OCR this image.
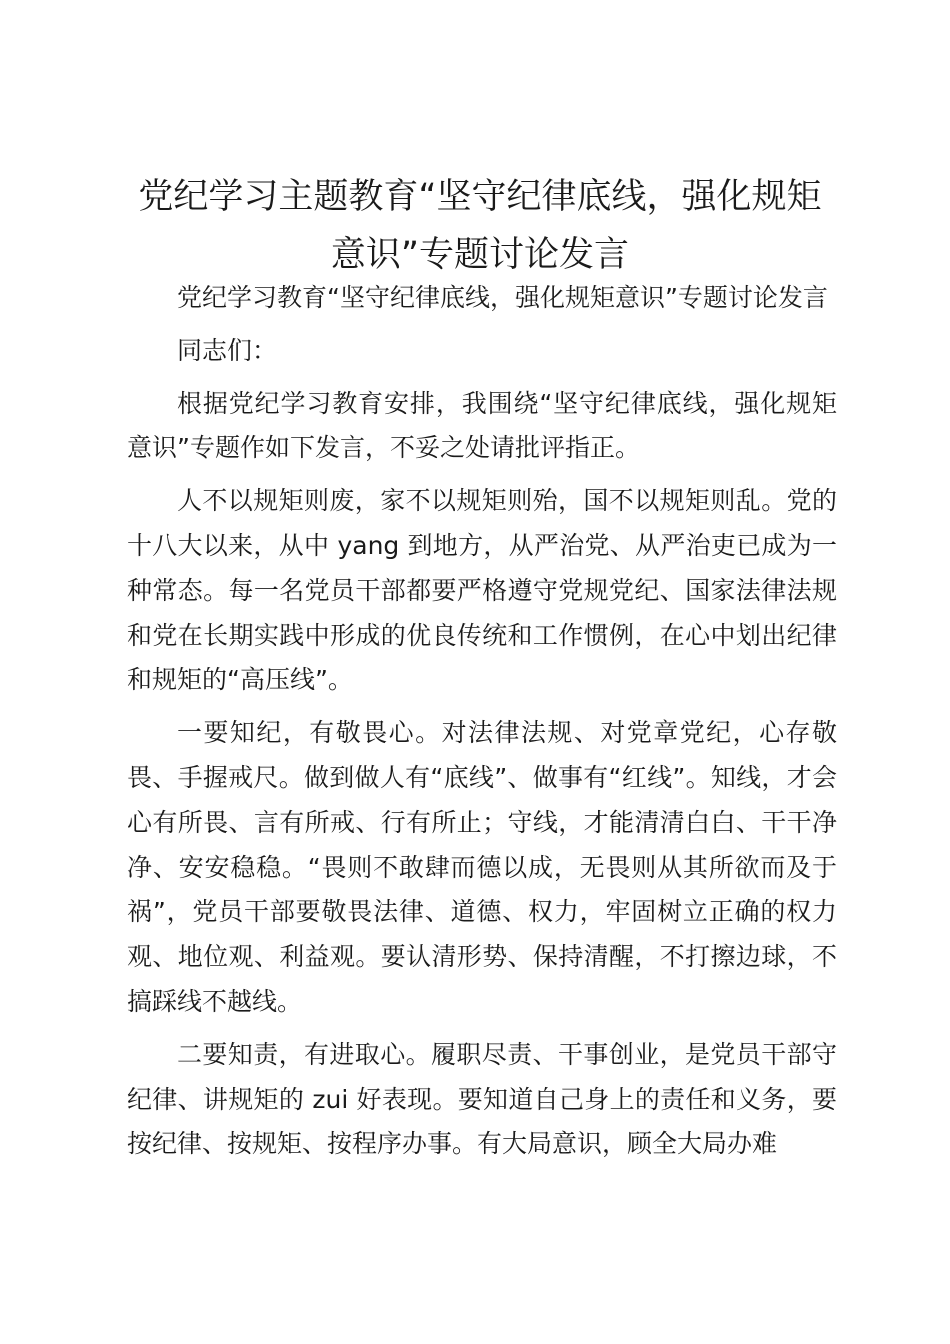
党纪学习主题教育“坚守纪律底线，强化规矩
意识”专题讨论发言

党纪学习教育“坚守纪律底线，强化规矩意识”专题讨论发言

同志们：

根据党纪学习教育安排，我围绕“坚守纪律底线，强化规矩意识”专题作如下发言，不妥之处请批评指正。

人不以规矩则废，家不以规矩则殆，国不以规矩则乱。党的十八大以来，从中 yang 到地方，从严治党、从严治吏已成为一种常态。每一名党员干部都要严格遵守党规党纪、国家法律法规和党在长期实践中形成的优良传统和工作惯例，在心中划出纪律和规矩的“高压线”。

一要知纪，有敬畏心。对法律法规、对党章党纪，心存敬畏、手握戒尺。做到做人有“底线”、做事有“红线”。知线，才会心有所畏、言有所戒、行有所止；守线，才能清清白白、干干净净、安安稳稳。“畏则不敢肆而德以成，无畏则从其所欲而及于祸”，党员干部要敬畏法律、道德、权力，牢固树立正确的权力观、地位观、利益观。要认清形势、保持清醒，不打擦边球，不搞踩线不越线。

二要知责，有进取心。履职尽责、干事创业，是党员干部守纪律、讲规矩的 zui 好表现。要知道自己身上的责任和义务，要按纪律、按规矩、按程序办事。有大局意识，顾全大局办难
